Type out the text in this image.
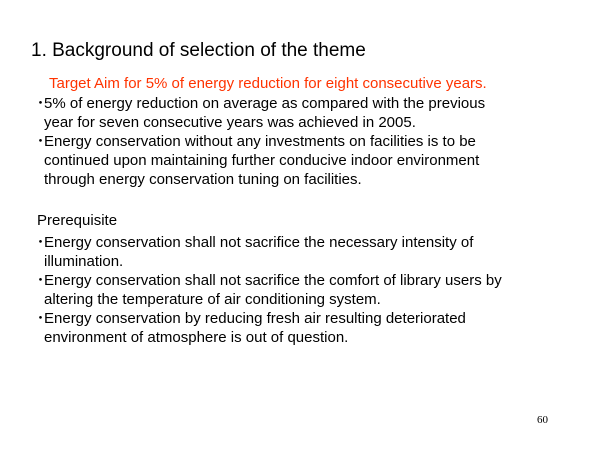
1. Background of selection of the theme
Target Aim for 5% of energy reduction for eight consecutive years.
・
5% of energy reduction on average as compared with the previous
year for seven consecutive years was achieved in 2005.
・
Energy conservation without any investments on facilities is to be
continued upon maintaining further conducive indoor environment
through energy conservation tuning on facilities.
Prerequisite
・
Energy conservation shall not sacrifice the necessary intensity of
illumination.
・
Energy conservation shall not sacrifice the comfort of library users by
altering the temperature of air conditioning system.
・
Energy conservation by reducing fresh air resulting deteriorated
environment of atmosphere is out of question.
60
